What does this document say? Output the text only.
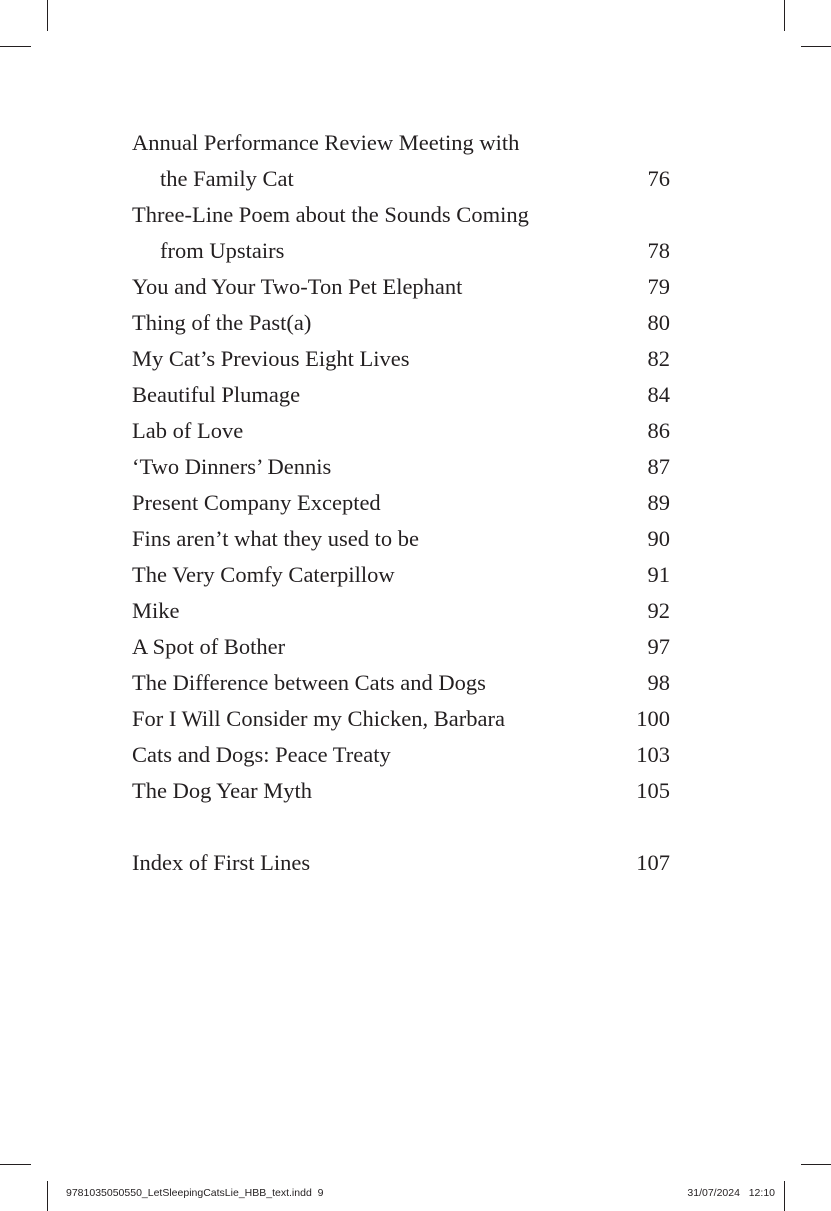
Annual Performance Review Meeting with
the Family Cat	76
Three-Line Poem about the Sounds Coming
from Upstairs	78
You and Your Two-Ton Pet Elephant	79
Thing of the Past(a)	80
My Cat’s Previous Eight Lives	82
Beautiful Plumage	84
Lab of Love	86
‘Two Dinners’ Dennis	87
Present Company Excepted	89
Fins aren’t what they used to be	90
The Very Comfy Caterpillow	91
Mike	92
A Spot of Bother	97
The Difference between Cats and Dogs	98
For I Will Consider my Chicken, Barbara	100
Cats and Dogs: Peace Treaty	103
The Dog Year Myth	105
Index of First Lines	107
9781035050550_LetSleepingCatsLie_HBB_text.indd 9	31/07/2024 12:10
